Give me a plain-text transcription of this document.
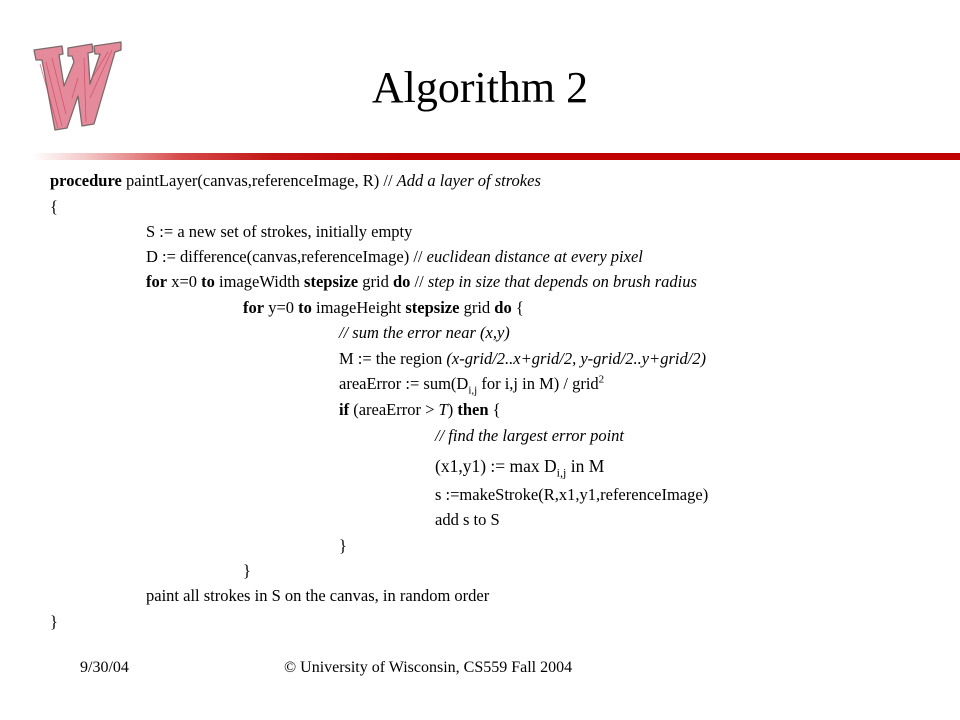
Algorithm 2
procedure paintLayer(canvas,referenceImage, R) // Add a layer of strokes
{
S := a new set of strokes, initially empty
D := difference(canvas,referenceImage) // euclidean distance at every pixel
for x=0 to imageWidth stepsize grid do // step in size that depends on brush radius
for y=0 to imageHeight stepsize grid do {
// sum the error near (x,y)
M := the region (x-grid/2..x+grid/2, y-grid/2..y+grid/2)
areaError := $sum(D_{i,j}$ for i,j in M) / grid$^2$
if (areaError > T) then {
// find the largest error point
(x1,y1) := $\max D_{i,j}$ in M
s :=makeStroke(R,x1,y1,referenceImage)
add s to S
}
}
paint all strokes in S on the canvas, in random order
}
9/30/04	© University of Wisconsin, CS559 Fall 2004
